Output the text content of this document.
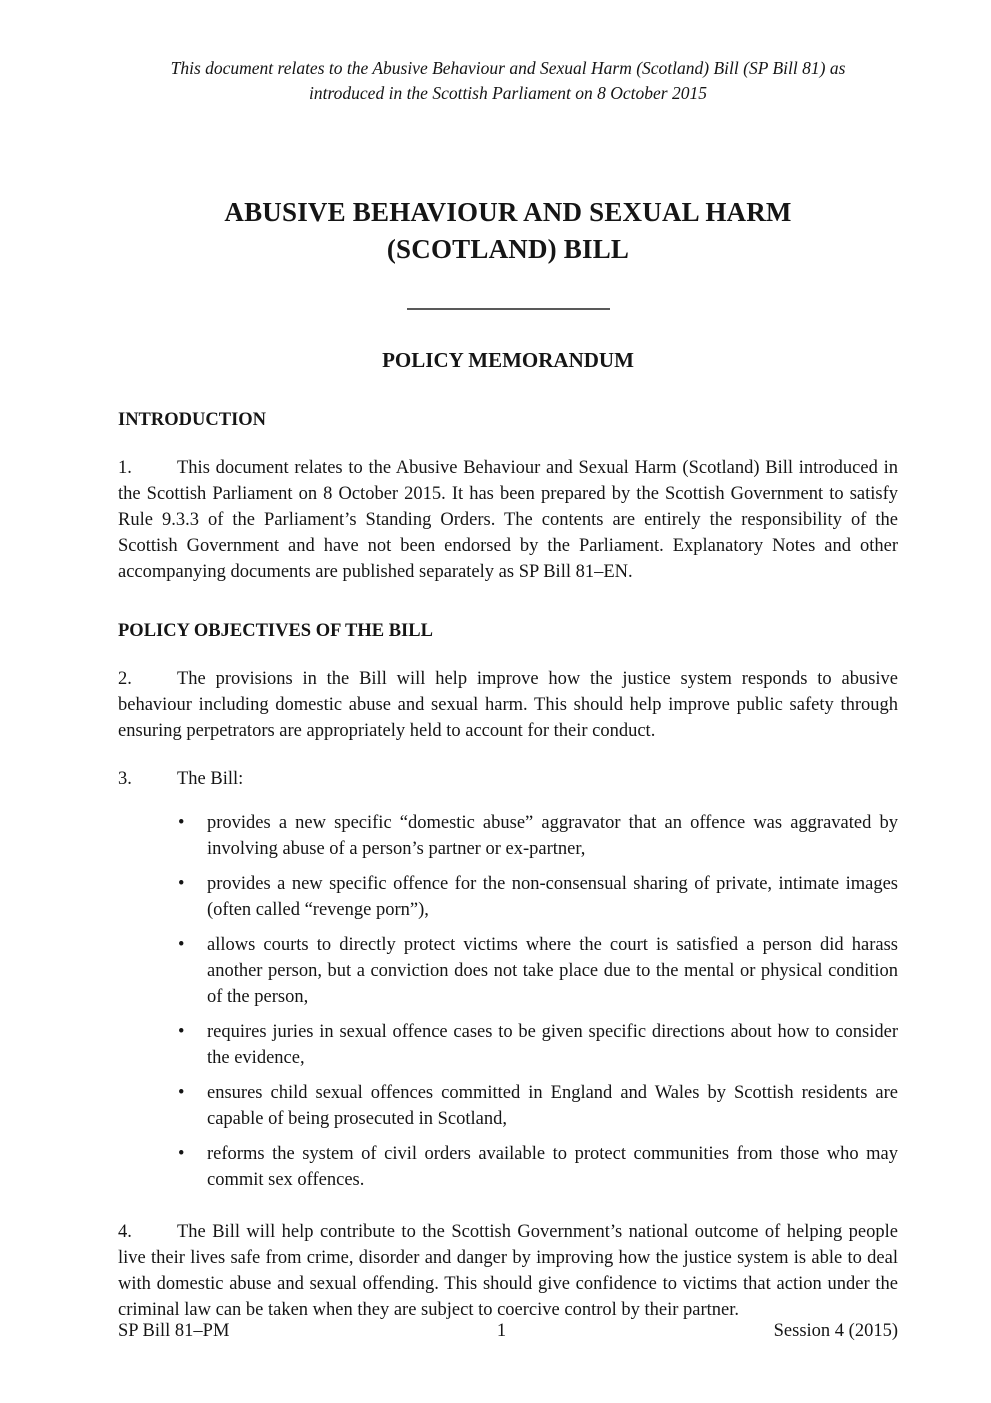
This document relates to the Abusive Behaviour and Sexual Harm (Scotland) Bill (SP Bill 81) as
introduced in the Scottish Parliament on 8 October 2015
ABUSIVE BEHAVIOUR AND SEXUAL HARM
(SCOTLAND) BILL
POLICY MEMORANDUM
INTRODUCTION
1.	This document relates to the Abusive Behaviour and Sexual Harm (Scotland) Bill introduced in the Scottish Parliament on 8 October 2015. It has been prepared by the Scottish Government to satisfy Rule 9.3.3 of the Parliament’s Standing Orders. The contents are entirely the responsibility of the Scottish Government and have not been endorsed by the Parliament. Explanatory Notes and other accompanying documents are published separately as SP Bill 81–EN.
POLICY OBJECTIVES OF THE BILL
2.	The provisions in the Bill will help improve how the justice system responds to abusive behaviour including domestic abuse and sexual harm. This should help improve public safety through ensuring perpetrators are appropriately held to account for their conduct.
3.	The Bill:
• provides a new specific “domestic abuse” aggravator that an offence was aggravated by involving abuse of a person’s partner or ex-partner,
• provides a new specific offence for the non-consensual sharing of private, intimate images (often called “revenge porn”),
• allows courts to directly protect victims where the court is satisfied a person did harass another person, but a conviction does not take place due to the mental or physical condition of the person,
• requires juries in sexual offence cases to be given specific directions about how to consider the evidence,
• ensures child sexual offences committed in England and Wales by Scottish residents are capable of being prosecuted in Scotland,
• reforms the system of civil orders available to protect communities from those who may commit sex offences.
4.	The Bill will help contribute to the Scottish Government’s national outcome of helping people live their lives safe from crime, disorder and danger by improving how the justice system is able to deal with domestic abuse and sexual offending. This should give confidence to victims that action under the criminal law can be taken when they are subject to coercive control by their partner.
SP Bill 81–PM	1	Session 4 (2015)
